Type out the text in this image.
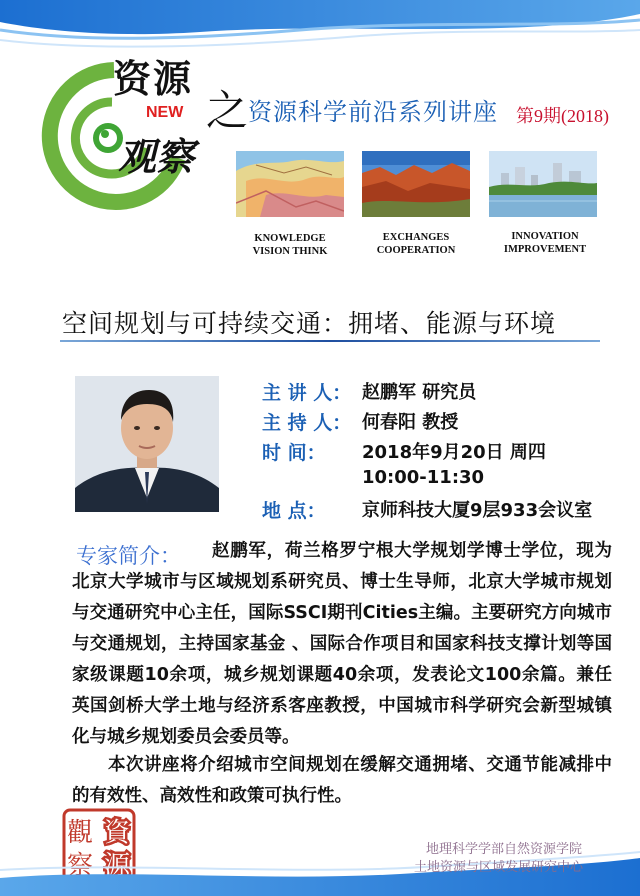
资源
NEW
观察
之 资源科学前沿系列讲座 第9期(2018)
KNOWLEDGE
VISION THINK
EXCHANGES
COOPERATION
INNOVATION
IMPROVEMENT
空间规划与可持续交通：拥堵、能源与环境
主 讲 人： 赵鹏军 研究员
主 持 人： 何春阳 教授
时 间： 2018年9月20日 周四
10:00-11:30
地 点： 京师科技大厦9层933会议室
专家简介：	赵鹏军，荷兰格罗宁根大学规划学博士学位，现为北京大学城市与区域规划系研究员、博士生导师，北京大学城市规划与交通研究中心主任，国际SSCI期刊Cities主编。主要研究方向城市与交通规划，主持国家基金 、国际合作项目和国家科技支撑计划等国家级课题10余项，城乡规划课题40余项，发表论文100余篇。兼任英国剑桥大学土地与经济系客座教授，中国城市科学研究会新型城镇化与城乡规划委员会委员等。
本次讲座将介绍城市空间规划在缓解交通拥堵、交通节能减排中的有效性、高效性和政策可执行性。
觀 資
察 源
地理科学学部自然资源学院
土地资源与区域发展研究中心
